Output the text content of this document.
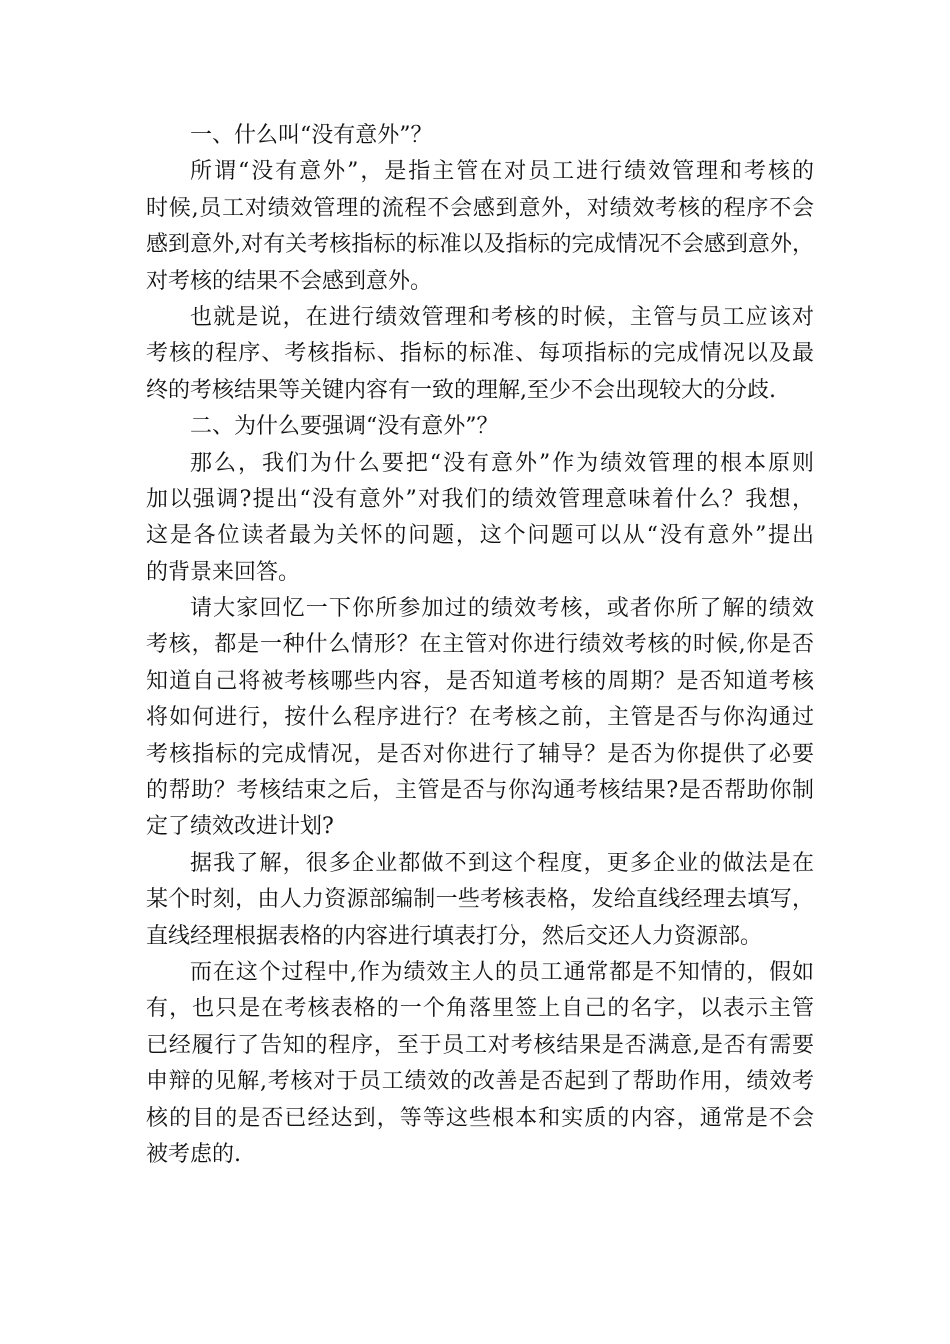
一、什么叫“没有意外”？
所谓“没有意外”，是指主管在对员工进行绩效管理和考核的
时候,员工对绩效管理的流程不会感到意外，对绩效考核的程序不会
感到意外,对有关考核指标的标准以及指标的完成情况不会感到意外，
对考核的结果不会感到意外。
也就是说，在进行绩效管理和考核的时候，主管与员工应该对
考核的程序、考核指标、指标的标准、每项指标的完成情况以及最
终的考核结果等关键内容有一致的理解,至少不会出现较大的分歧.
二、为什么要强调“没有意外”？
那么，我们为什么要把“没有意外”作为绩效管理的根本原则
加以强调?提出“没有意外”对我们的绩效管理意味着什么？我想，
这是各位读者最为关怀的问题，这个问题可以从“没有意外”提出
的背景来回答。
请大家回忆一下你所参加过的绩效考核，或者你所了解的绩效
考核，都是一种什么情形？在主管对你进行绩效考核的时候,你是否
知道自己将被考核哪些内容，是否知道考核的周期？是否知道考核
将如何进行，按什么程序进行？在考核之前，主管是否与你沟通过
考核指标的完成情况，是否对你进行了辅导？是否为你提供了必要
的帮助？考核结束之后，主管是否与你沟通考核结果?是否帮助你制
定了绩效改进计划?
据我了解，很多企业都做不到这个程度，更多企业的做法是在
某个时刻，由人力资源部编制一些考核表格，发给直线经理去填写，
直线经理根据表格的内容进行填表打分，然后交还人力资源部。
而在这个过程中,作为绩效主人的员工通常都是不知情的，假如
有，也只是在考核表格的一个角落里签上自己的名字，以表示主管
已经履行了告知的程序，至于员工对考核结果是否满意,是否有需要
申辩的见解,考核对于员工绩效的改善是否起到了帮助作用，绩效考
核的目的是否已经达到，等等这些根本和实质的内容，通常是不会
被考虑的.
